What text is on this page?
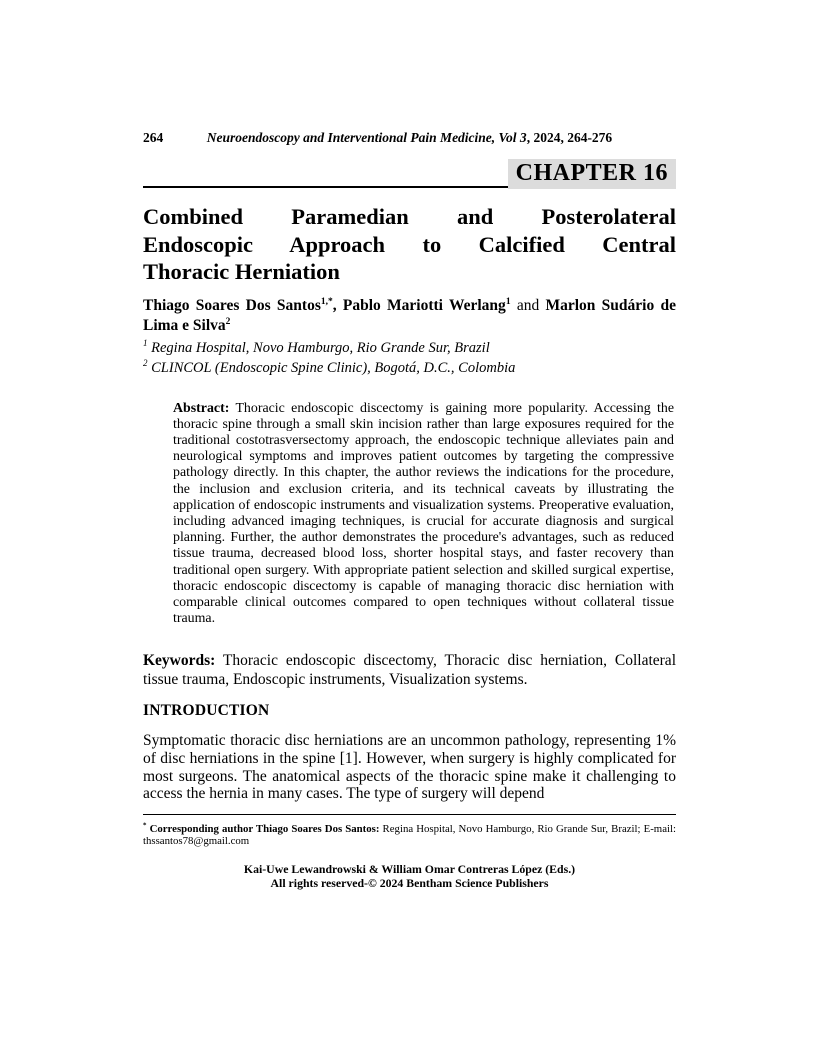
264	Neuroendoscopy and Interventional Pain Medicine, Vol 3, 2024, 264-276
CHAPTER 16
Combined Paramedian and Posterolateral
Endoscopic Approach to Calcified Central
Thoracic Herniation
Thiago Soares Dos Santos$^{1,*}$, Pablo Mariotti Werlang$^1$ and Marlon Sudário de Lima e Silva$^2$
$^1$ Regina Hospital, Novo Hamburgo, Rio Grande Sur, Brazil
$^2$ CLINCOL (Endoscopic Spine Clinic), Bogotá, D.C., Colombia
Abstract: Thoracic endoscopic discectomy is gaining more popularity. Accessing the thoracic spine through a small skin incision rather than large exposures required for the traditional costotrasversectomy approach, the endoscopic technique alleviates pain and neurological symptoms and improves patient outcomes by targeting the compressive pathology directly. In this chapter, the author reviews the indications for the procedure, the inclusion and exclusion criteria, and its technical caveats by illustrating the application of endoscopic instruments and visualization systems. Preoperative evaluation, including advanced imaging techniques, is crucial for accurate diagnosis and surgical planning. Further, the author demonstrates the procedure's advantages, such as reduced tissue trauma, decreased blood loss, shorter hospital stays, and faster recovery than traditional open surgery. With appropriate patient selection and skilled surgical expertise, thoracic endoscopic discectomy is capable of managing thoracic disc herniation with comparable clinical outcomes compared to open techniques without collateral tissue trauma.
Keywords: Thoracic endoscopic discectomy, Thoracic disc herniation, Collateral tissue trauma, Endoscopic instruments, Visualization systems.
INTRODUCTION
Symptomatic thoracic disc herniations are an uncommon pathology, representing 1% of disc herniations in the spine [1]. However, when surgery is highly complicated for most surgeons. The anatomical aspects of the thoracic spine make it challenging to access the hernia in many cases. The type of surgery will depend
* Corresponding author Thiago Soares Dos Santos: Regina Hospital, Novo Hamburgo, Rio Grande Sur, Brazil; E-mail: thssantos78@gmail.com
Kai-Uwe Lewandrowski & William Omar Contreras López (Eds.)
All rights reserved-© 2024 Bentham Science Publishers
